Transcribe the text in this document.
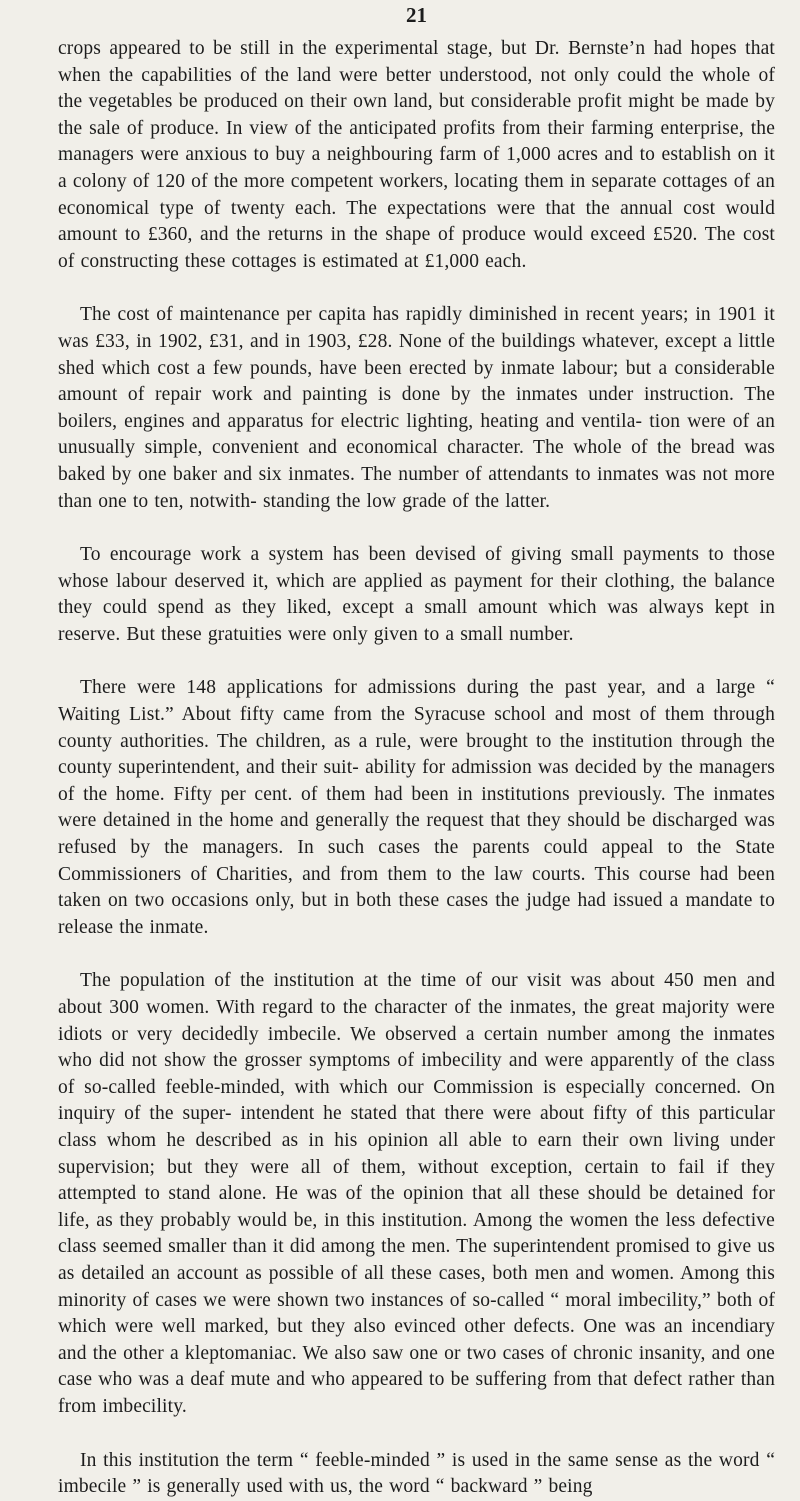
21

crops appeared to be still in the experimental stage, but Dr. Bernste’n had hopes that when the capabilities of the land were better understood, not only could the whole of the vegetables be produced on their own land, but considerable profit might be made by the sale of produce. In view of the anticipated profits from their farming enterprise, the managers were anxious to buy a neighbouring farm of 1,000 acres and to establish on it a colony of 120 of the more competent workers, locating them in separate cottages of an economical type of twenty each. The expectations were that the annual cost would amount to £360, and the returns in the shape of produce would exceed £520. The cost of constructing these cottages is estimated at £1,000 each.

The cost of maintenance per capita has rapidly diminished in recent years; in 1901 it was £33, in 1902, £31, and in 1903, £28. None of the buildings whatever, except a little shed which cost a few pounds, have been erected by inmate labour; but a considerable amount of repair work and painting is done by the inmates under instruction. The boilers, engines and apparatus for electric lighting, heating and ventila- tion were of an unusually simple, convenient and economical character. The whole of the bread was baked by one baker and six inmates. The number of attendants to inmates was not more than one to ten, notwith- standing the low grade of the latter.

To encourage work a system has been devised of giving small payments to those whose labour deserved it, which are applied as payment for their clothing, the balance they could spend as they liked, except a small amount which was always kept in reserve. But these gratuities were only given to a small number.

There were 148 applications for admissions during the past year, and a large “ Waiting List.” About fifty came from the Syracuse school and most of them through county authorities. The children, as a rule, were brought to the institution through the county superintendent, and their suit- ability for admission was decided by the managers of the home. Fifty per cent. of them had been in institutions previously. The inmates were detained in the home and generally the request that they should be discharged was refused by the managers. In such cases the parents could appeal to the State Commissioners of Charities, and from them to the law courts. This course had been taken on two occasions only, but in both these cases the judge had issued a mandate to release the inmate.

The population of the institution at the time of our visit was about 450 men and about 300 women. With regard to the character of the inmates, the great majority were idiots or very decidedly imbecile. We observed a certain number among the inmates who did not show the grosser symptoms of imbecility and were apparently of the class of so-called feeble-minded, with which our Commission is especially concerned. On inquiry of the super- intendent he stated that there were about fifty of this particular class whom he described as in his opinion all able to earn their own living under supervision; but they were all of them, without exception, certain to fail if they attempted to stand alone. He was of the opinion that all these should be detained for life, as they probably would be, in this institution. Among the women the less defective class seemed smaller than it did among the men. The superintendent promised to give us as detailed an account as possible of all these cases, both men and women. Among this minority of cases we were shown two instances of so-called “ moral imbecility,” both of which were well marked, but they also evinced other defects. One was an incendiary and the other a kleptomaniac. We also saw one or two cases of chronic insanity, and one case who was a deaf mute and who appeared to be suffering from that defect rather than from imbecility.

In this institution the term “ feeble-minded ” is used in the same sense as the word “ imbecile ” is generally used with us, the word “ backward ” being
